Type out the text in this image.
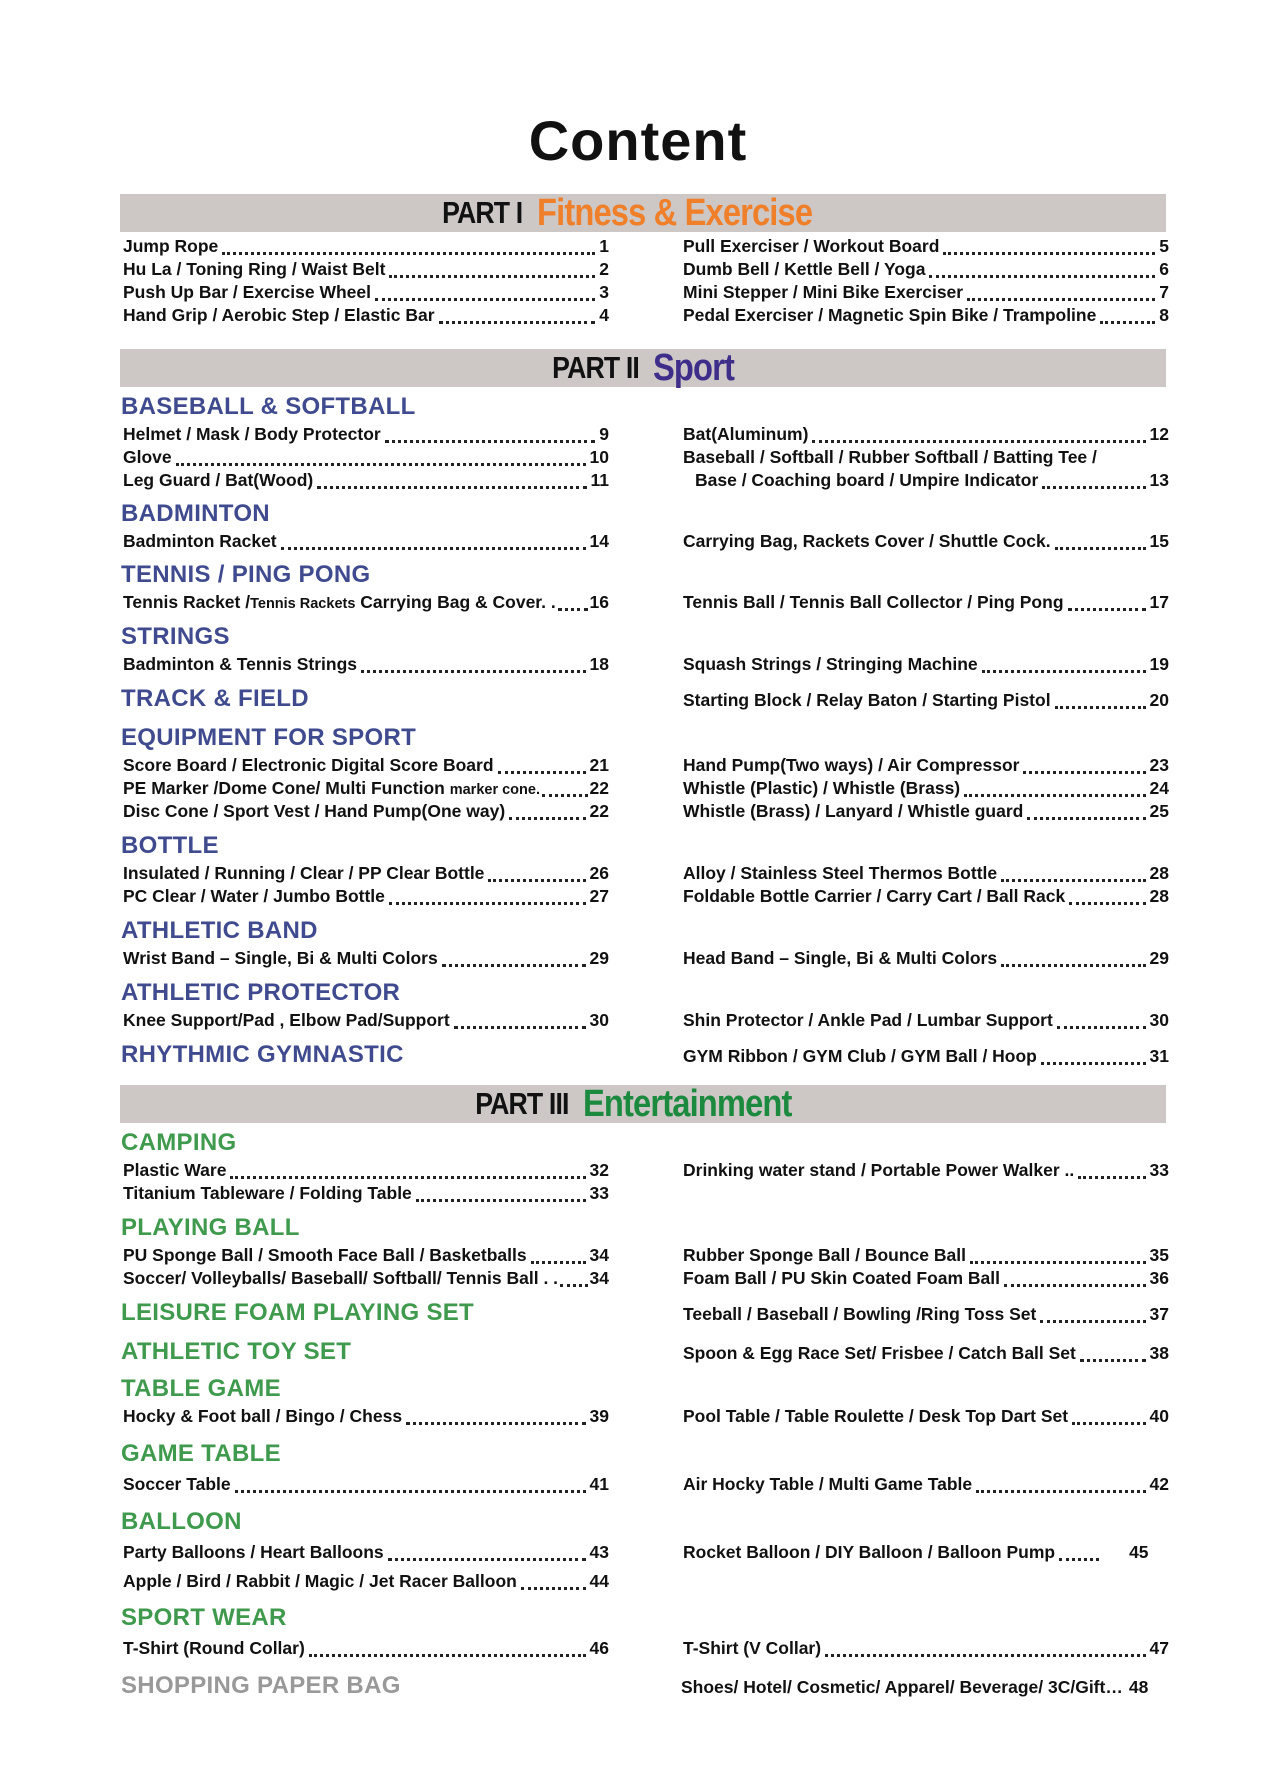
Content
PART I Fitness & Exercise
Jump Rope	1
Hu La / Toning Ring / Waist Belt	2
Push Up Bar / Exercise Wheel	3
Hand Grip / Aerobic Step / Elastic Bar	4
Pull Exerciser / Workout Board	5
Dumb Bell / Kettle Bell / Yoga	6
Mini Stepper / Mini Bike Exerciser	7
Pedal Exerciser / Magnetic Spin Bike / Trampoline	8
PART II Sport
BASEBALL & SOFTBALL
Helmet / Mask / Body Protector	9
Glove	10
Leg Guard / Bat(Wood)	11
Bat(Aluminum)	12
Baseball / Softball / Rubber Softball / Batting Tee /
Base / Coaching board / Umpire Indicator	13
BADMINTON
Badminton Racket	14	Carrying Bag, Rackets Cover / Shuttle Cock.	15
TENNIS / PING PONG
Tennis Racket /Tennis Rackets Carrying Bag & Cover. . 16	Tennis Ball / Tennis Ball Collector / Ping Pong	17
STRINGS
Badminton & Tennis Strings	18	Squash Strings / Stringing Machine	19
TRACK & FIELD	Starting Block / Relay Baton / Starting Pistol	20
EQUIPMENT FOR SPORT
Score Board / Electronic Digital Score Board	21
PE Marker /Dome Cone/ Multi Function marker cone.	22
Disc Cone / Sport Vest / Hand Pump(One way)	22
Hand Pump(Two ways) / Air Compressor	23
Whistle (Plastic) / Whistle (Brass)	24
Whistle (Brass) / Lanyard / Whistle guard	25
BOTTLE
Insulated / Running / Clear / PP Clear Bottle	26
PC Clear / Water / Jumbo Bottle	27
Alloy / Stainless Steel Thermos Bottle	28
Foldable Bottle Carrier / Carry Cart / Ball Rack	28
ATHLETIC BAND
Wrist Band – Single, Bi & Multi Colors	29	Head Band – Single, Bi & Multi Colors	29
ATHLETIC PROTECTOR
Knee Support/Pad , Elbow Pad/Support	30	Shin Protector / Ankle Pad / Lumbar Support	30
RHYTHMIC GYMNASTIC	GYM Ribbon / GYM Club / GYM Ball / Hoop	31
PART III Entertainment
CAMPING
Plastic Ware	32
Titanium Tableware / Folding Table	33
Drinking water stand / Portable Power Walker ..	33
PLAYING BALL
PU Sponge Ball / Smooth Face Ball / Basketballs	34
Soccer/ Volleyballs/ Baseball/ Softball/ Tennis Ball . . 34
Rubber Sponge Ball / Bounce Ball	35
Foam Ball / PU Skin Coated Foam Ball	36
LEISURE FOAM PLAYING SET	Teeball / Baseball / Bowling /Ring Toss Set	37
ATHLETIC TOY SET	Spoon & Egg Race Set/ Frisbee / Catch Ball Set	38
TABLE GAME
Hocky & Foot ball / Bingo / Chess	39	Pool Table / Table Roulette / Desk Top Dart Set	40
GAME TABLE
Soccer Table	41	Air Hocky Table / Multi Game Table	42
BALLOON
Party Balloons / Heart Balloons	43
Apple / Bird / Rabbit / Magic / Jet Racer Balloon	44
Rocket Balloon / DIY Balloon / Balloon Pump	45
SPORT WEAR
T-Shirt (Round Collar)	46	T-Shirt (V Collar)	47
SHOPPING PAPER BAG	Shoes/ Hotel/ Cosmetic/ Apparel/ Beverage/ 3C/Gift… 48
